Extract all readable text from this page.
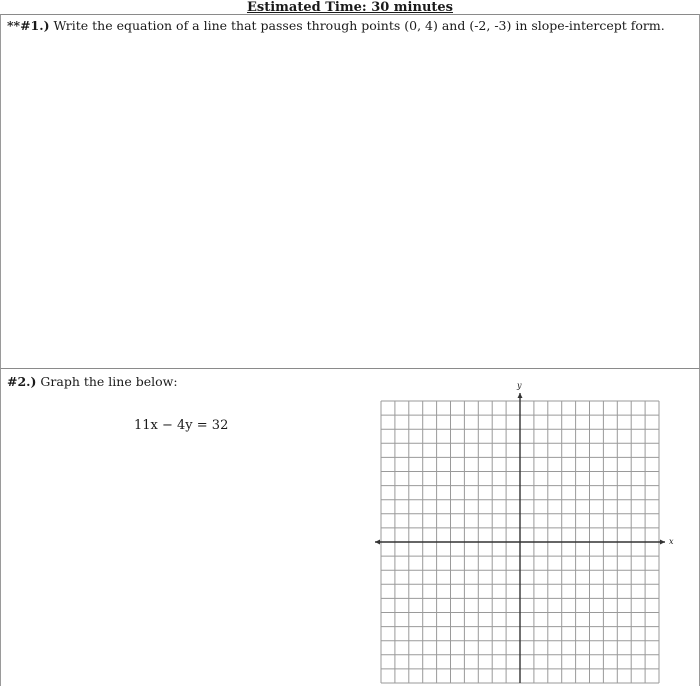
Estimated Time: 30 minutes
**#1.) Write the equation of a line that passes through points (0, 4) and (-2, -3) in slope-intercept form.
#2.) Graph the line below:
11x − 4y = 32
y
x
